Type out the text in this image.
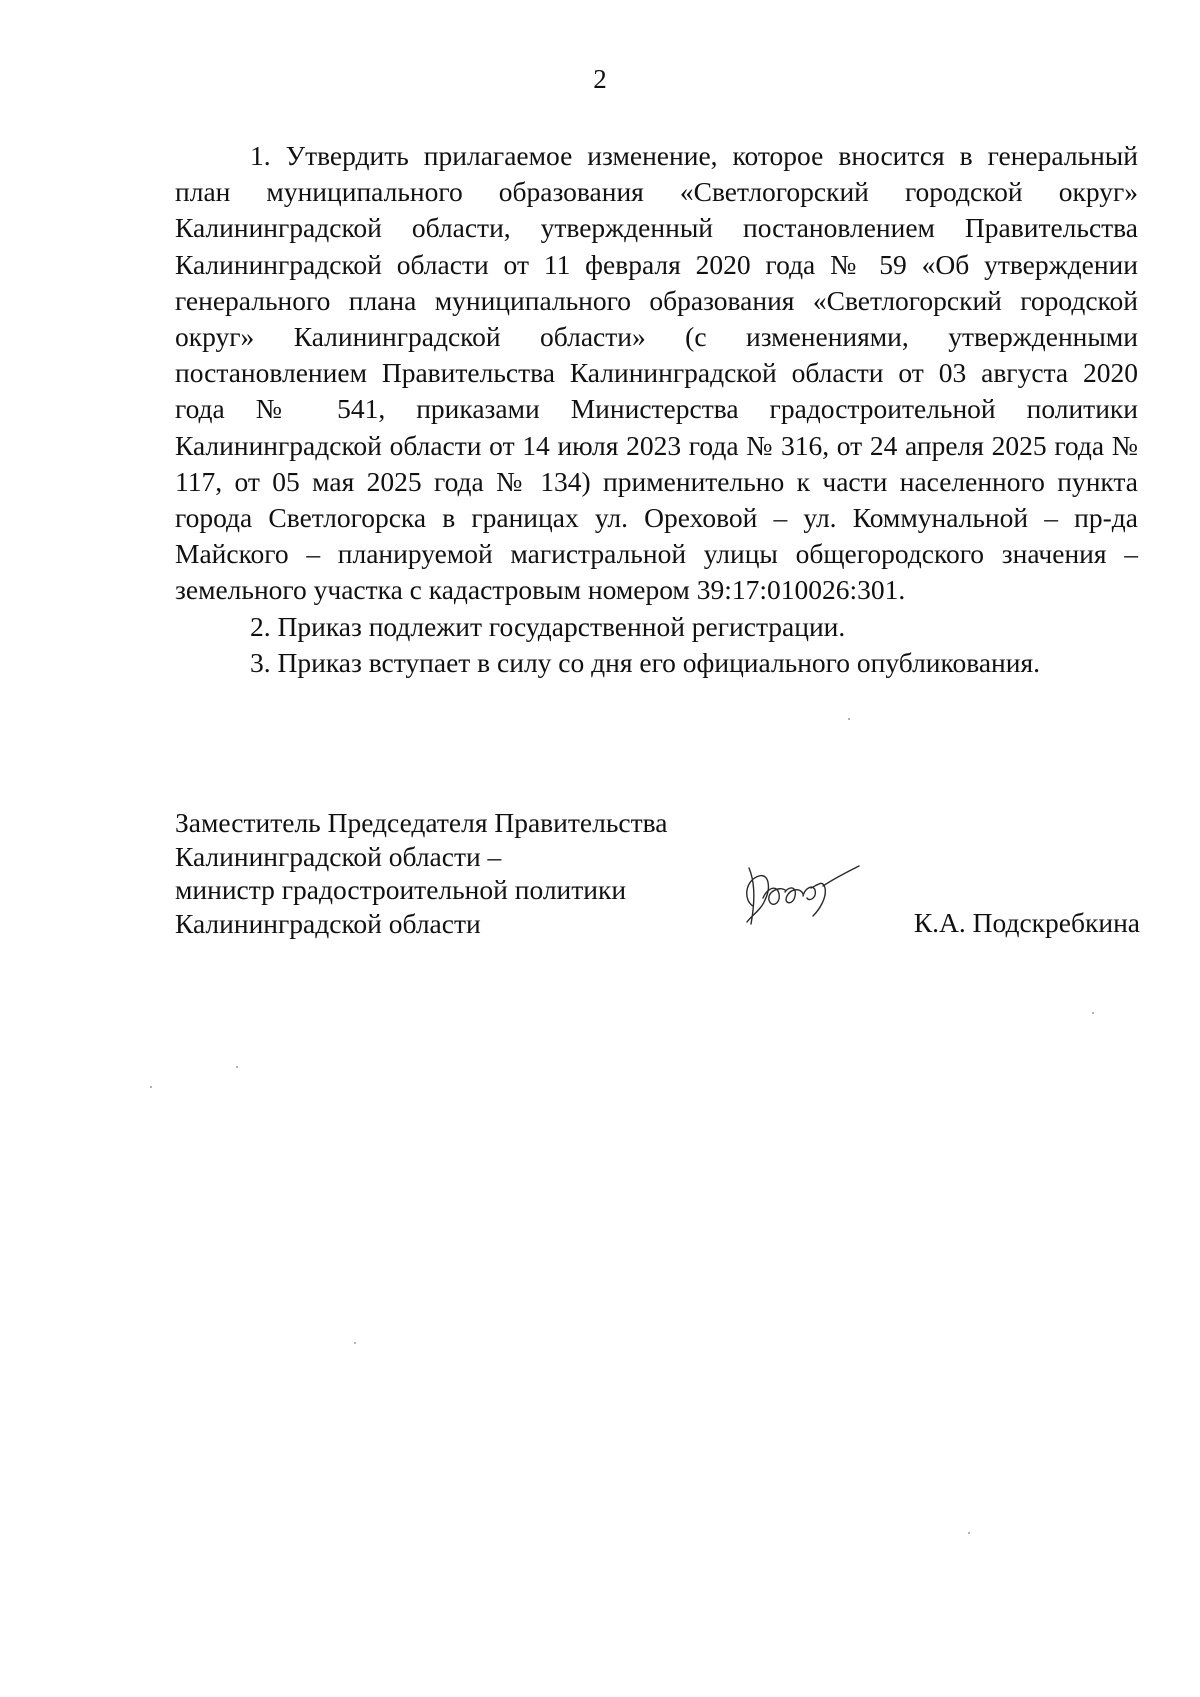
2

1. Утвердить прилагаемое изменение, которое вносится в генеральный план муниципального образования «Светлогорский городской округ» Калининградской области, утвержденный постановлением Правительства Калининградской области от 11 февраля 2020 года № 59 «Об утверждении генерального плана муниципального образования «Светлогорский городской округ» Калининградской области» (с изменениями, утвержденными постановлением Правительства Калининградской области от 03 августа 2020 года № 541, приказами Министерства градостроительной политики Калининградской области от 14 июля 2023 года № 316, от 24 апреля 2025 года № 117, от 05 мая 2025 года № 134) применительно к части населенного пункта города Светлогорска в границах ул. Ореховой – ул. Коммунальной – пр-да Майского – планируемой магистральной улицы общегородского значения – земельного участка с кадастровым номером 39:17:010026:301.

2. Приказ подлежит государственной регистрации.

3. Приказ вступает в силу со дня его официального опубликования.

Заместитель Председателя Правительства
Калининградской области –
министр градостроительной политики
Калининградской области	К.А. Подскребкина
